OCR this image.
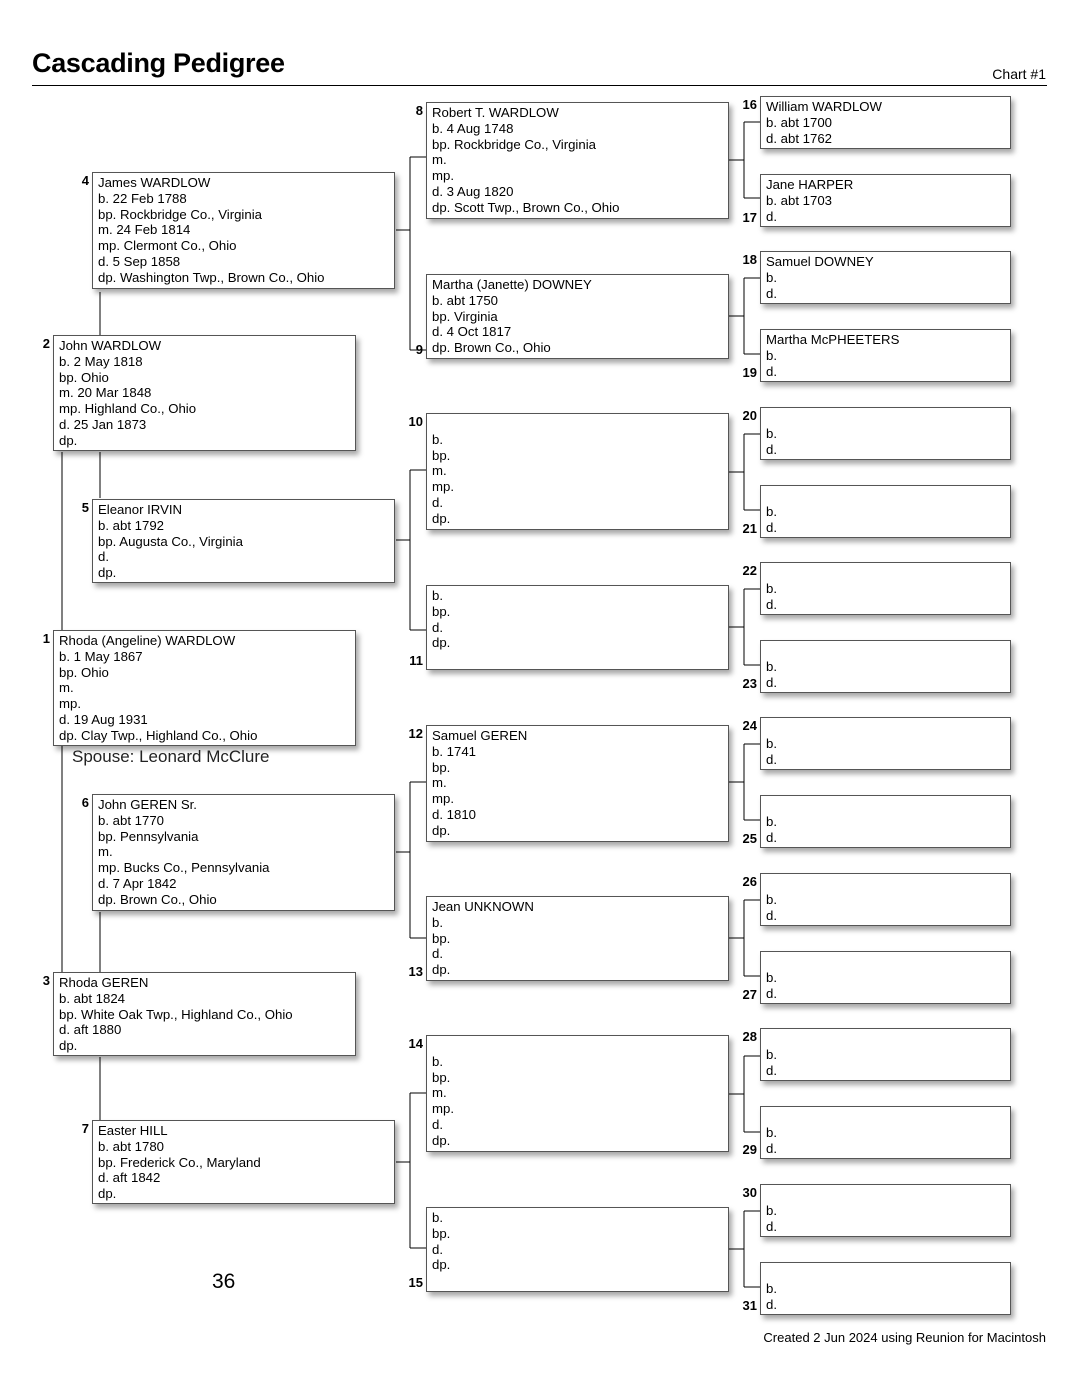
Cascading Pedigree	Chart #1
Rhoda (Angeline) WARDLOW
b. 1 May 1867
bp. Ohio
m.
mp.
d. 19 Aug 1931
dp. Clay Twp., Highland Co., Ohio
1
John WARDLOW
b. 2 May 1818
bp. Ohio
m. 20 Mar 1848
mp. Highland Co., Ohio
d. 25 Jan 1873
dp.
2
Rhoda GEREN
b. abt 1824
bp. White Oak Twp., Highland Co., Ohio
d. aft 1880
dp.
3
James WARDLOW
b. 22 Feb 1788
bp. Rockbridge Co., Virginia
m. 24 Feb 1814
mp. Clermont Co., Ohio
d. 5 Sep 1858
dp. Washington Twp., Brown Co., Ohio
4
Eleanor IRVIN
b. abt 1792
bp. Augusta Co., Virginia
d.
dp.
5
John GEREN Sr.
b. abt 1770
bp. Pennsylvania
m.
mp. Bucks Co., Pennsylvania
d. 7 Apr 1842
dp. Brown Co., Ohio
6
Easter HILL
b. abt 1780
bp. Frederick Co., Maryland
d. aft 1842
dp.
7
Robert T. WARDLOW
b. 4 Aug 1748
bp. Rockbridge Co., Virginia
m.
mp.
d. 3 Aug 1820
dp. Scott Twp., Brown Co., Ohio
8
Martha (Janette) DOWNEY
b. abt 1750
bp. Virginia
d. 4 Oct 1817
dp. Brown Co., Ohio
9

b.
bp.
m.
mp.
d.
dp.
10
b.
bp.
d.
dp.
11
Samuel GEREN
b. 1741
bp.
m.
mp.
d. 1810
dp.
12
Jean UNKNOWN
b.
bp.
d.
dp.
13

b.
bp.
m.
mp.
d.
dp.
14
b.
bp.
d.
dp.
15
William WARDLOW
b. abt 1700
d. abt 1762
16
Jane HARPER
b. abt 1703
d.
17
Samuel DOWNEY
b.
d.
18
Martha McPHEETERS
b.
d.
19

b.
d.
20

b.
d.
21

b.
d.
22

b.
d.
23

b.
d.
24

b.
d.
25

b.
d.
26

b.
d.
27

b.
d.
28

b.
d.
29

b.
d.
30

b.
d.
31
Spouse: Leonard McClure
36
Created 2 Jun 2024 using Reunion for Macintosh
